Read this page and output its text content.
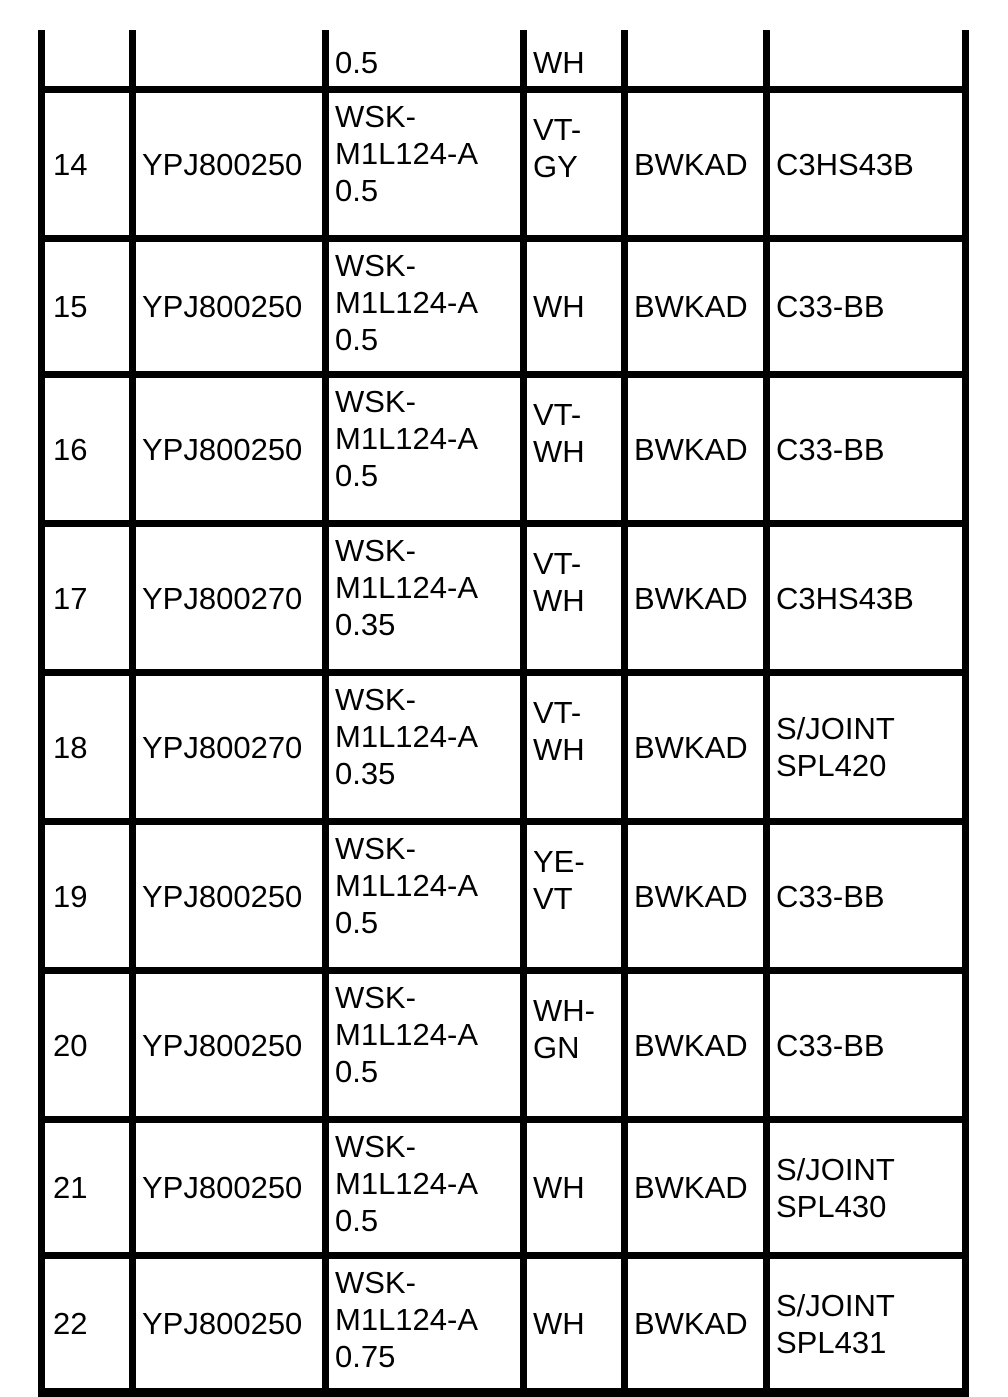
		0.5	WH		
14	YPJ800250	WSK-
M1L124-A
0.5	VT-
GY	BWKAD	C3HS43B
15	YPJ800250	WSK-
M1L124-A
0.5	WH	BWKAD	C33-BB
16	YPJ800250	WSK-
M1L124-A
0.5	VT-
WH	BWKAD	C33-BB
17	YPJ800270	WSK-
M1L124-A
0.35	VT-
WH	BWKAD	C3HS43B
18	YPJ800270	WSK-
M1L124-A
0.35	VT-
WH	BWKAD	S/JOINT
SPL420
19	YPJ800250	WSK-
M1L124-A
0.5	YE-
VT	BWKAD	C33-BB
20	YPJ800250	WSK-
M1L124-A
0.5	WH-
GN	BWKAD	C33-BB
21	YPJ800250	WSK-
M1L124-A
0.5	WH	BWKAD	S/JOINT
SPL430
22	YPJ800250	WSK-
M1L124-A
0.75	WH	BWKAD	S/JOINT
SPL431
